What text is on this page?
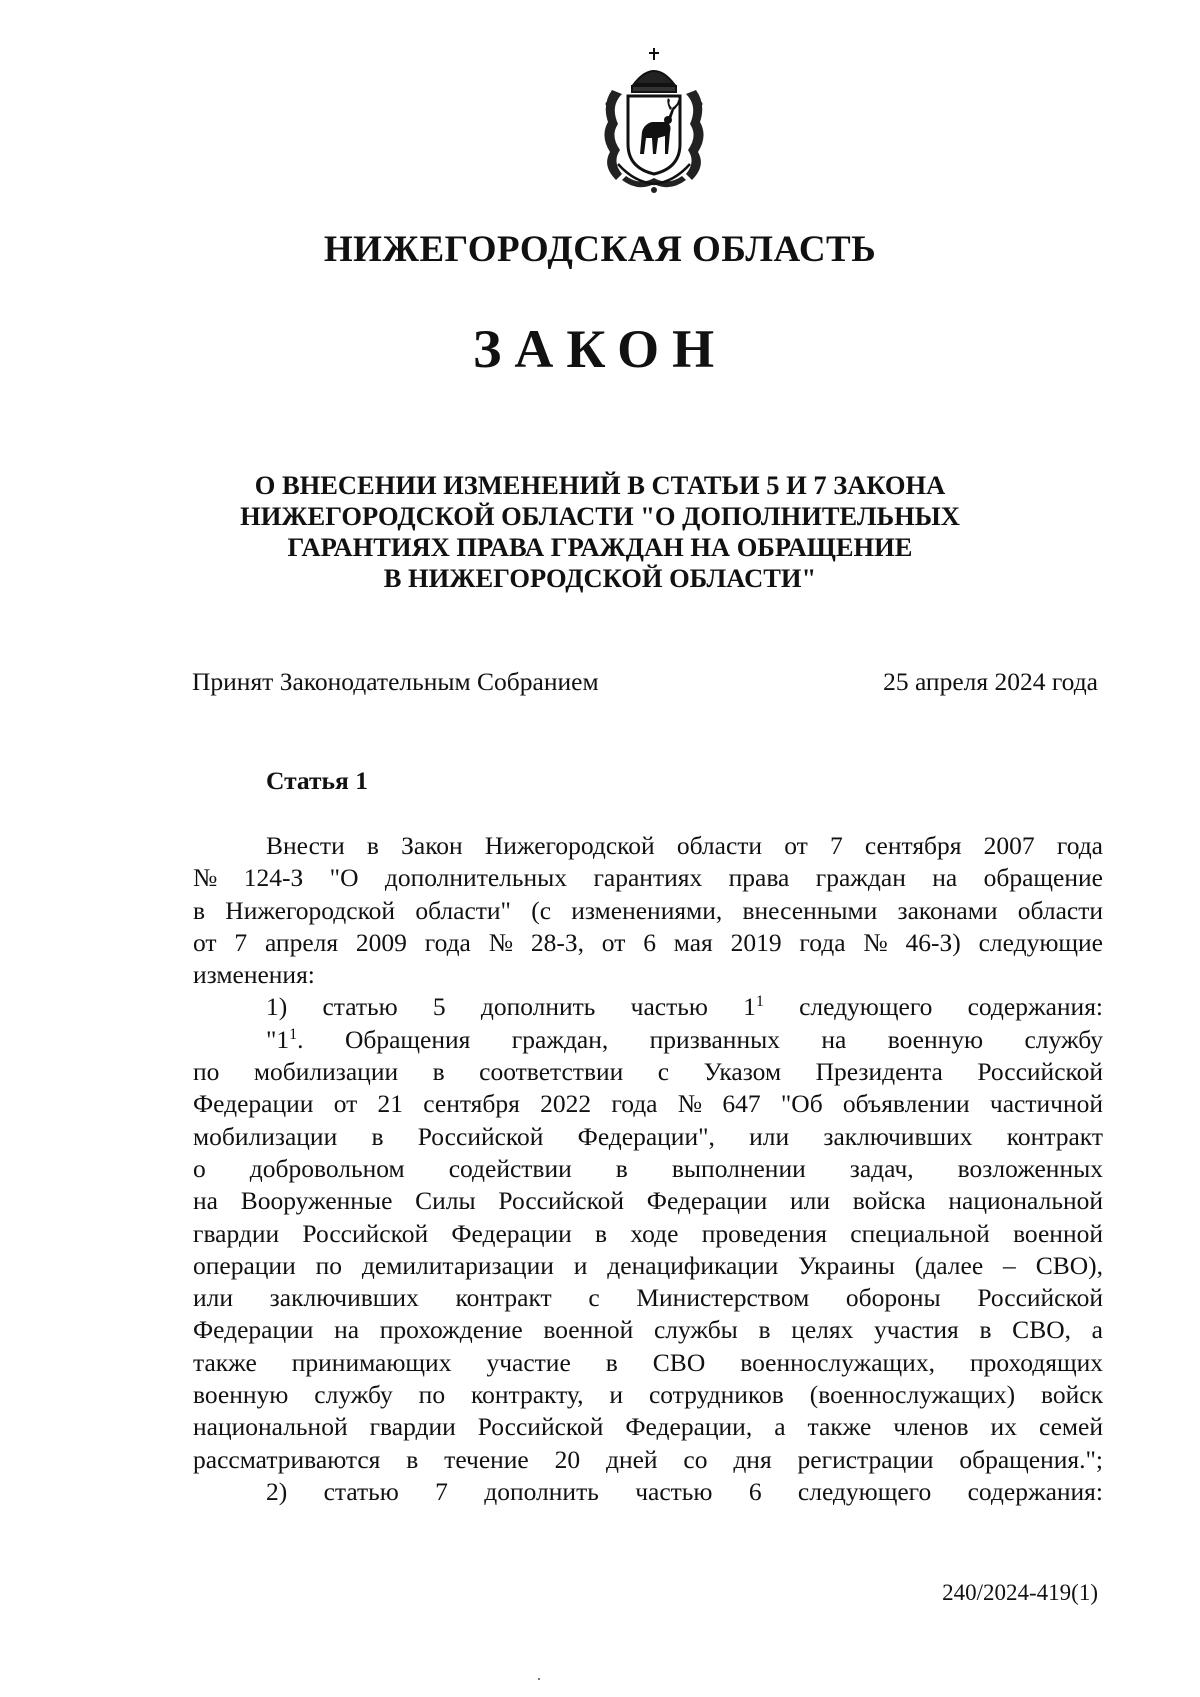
НИЖЕГОРОДСКАЯ ОБЛАСТЬ
ЗАКОН
О ВНЕСЕНИИ ИЗМЕНЕНИЙ В СТАТЬИ 5 И 7 ЗАКОНА
НИЖЕГОРОДСКОЙ ОБЛАСТИ "О ДОПОЛНИТЕЛЬНЫХ
ГАРАНТИЯХ ПРАВА ГРАЖДАН НА ОБРАЩЕНИЕ
В НИЖЕГОРОДСКОЙ ОБЛАСТИ"
Принят Законодательным Собранием	25 апреля 2024 года
Статья 1
Внести в Закон Нижегородской области от 7 сентября 2007 года
№ 124-З "О дополнительных гарантиях права граждан на обращение
в Нижегородской области" (с изменениями, внесенными законами области
от 7 апреля 2009 года № 28-З, от 6 мая 2019 года № 46-З) следующие
изменения:
1) статью 5 дополнить частью $1^1$ следующего содержания:
"$1^1$. Обращения граждан, призванных на военную службу
по мобилизации в соответствии с Указом Президента Российской
Федерации от 21 сентября 2022 года № 647 "Об объявлении частичной
мобилизации в Российской Федерации", или заключивших контракт
о добровольном содействии в выполнении задач, возложенных
на Вооруженные Силы Российской Федерации или войска национальной
гвардии Российской Федерации в ходе проведения специальной военной
операции по демилитаризации и денацификации Украины (далее – СВО),
или заключивших контракт с Министерством обороны Российской
Федерации на прохождение военной службы в целях участия в СВО, а
также принимающих участие в СВО военнослужащих, проходящих
военную службу по контракту, и сотрудников (военнослужащих) войск
национальной гвардии Российской Федерации, а также членов их семей
рассматриваются в течение 20 дней со дня регистрации обращения.";
2) статью 7 дополнить частью 6 следующего содержания:
240/2024-419(1)
